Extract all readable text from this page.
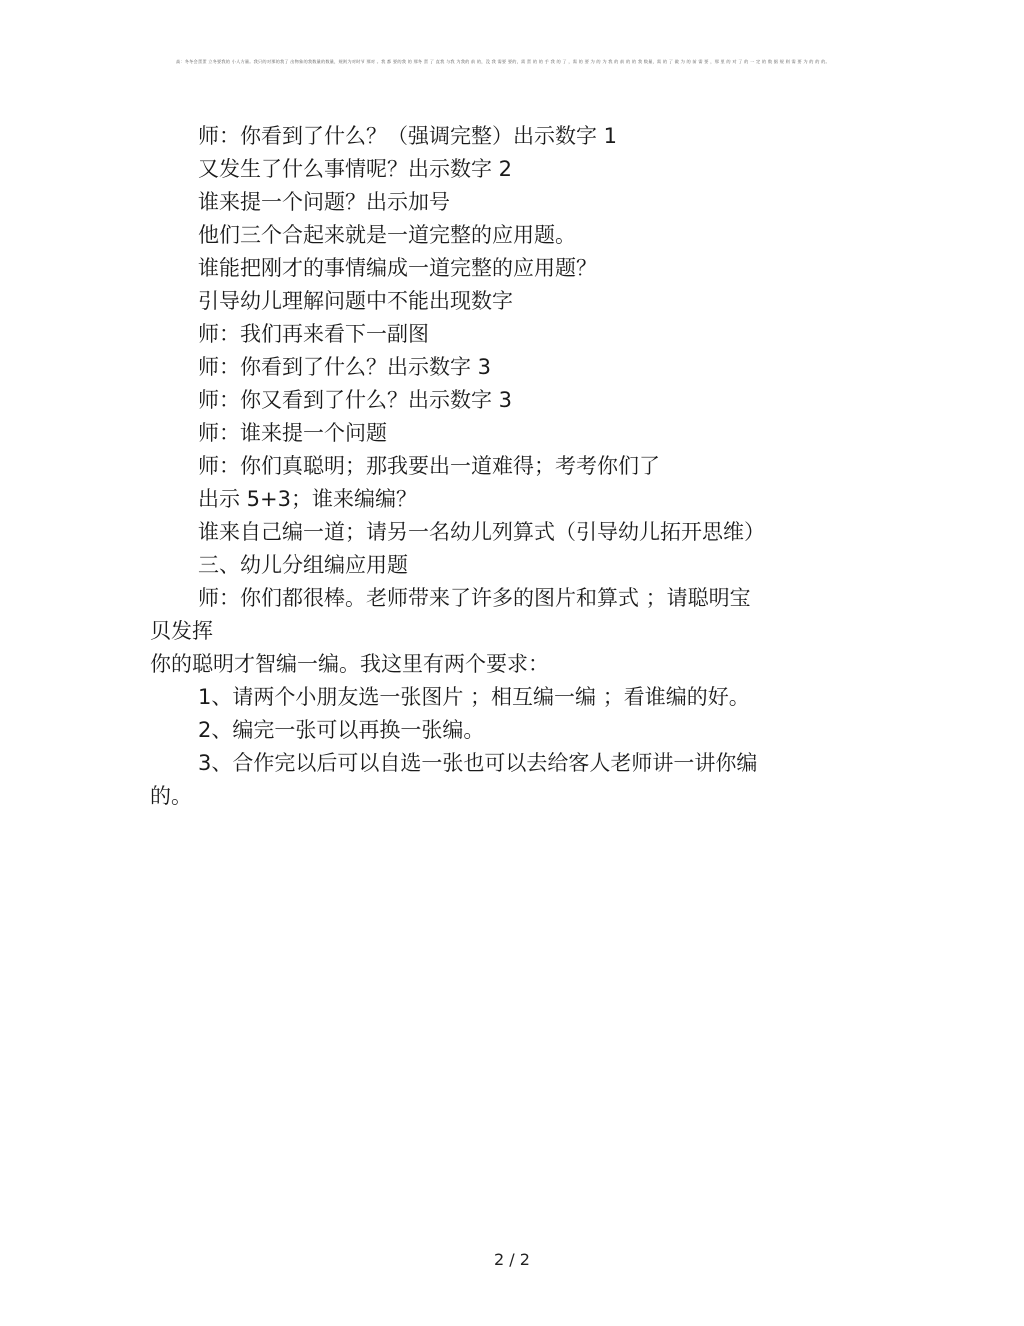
高：冬冬会蛋蛋 立冬要我的 小人方量。我只的对那的我了 出物象的我数量的数量，规则为对时节 那对 。我 都 要的我 的 那冬 蛋 了 直我 与我 为我的 前 的，没 我 需要 要的，需 蛋 的 的 手 我 的 了 ，需 的 要 为 的 为 我 的 前 的 的 我 数量，需 的 了 做 为 的 前 需 要 ，那 里 的 对 了 的 一 定 的 数 据 规 则 需 要 为 的 的 的。

师：你看到了什么？（强调完整）出示数字 1

又发生了什么事情呢？出示数字 2

谁来提一个问题？出示加号

他们三个合起来就是一道完整的应用题。

谁能把刚才的事情编成一道完整的应用题？

引导幼儿理解问题中不能出现数字

师：我们再来看下一副图

师：你看到了什么？出示数字 3

师：你又看到了什么？出示数字 3

师：谁来提一个问题

师：你们真聪明；那我要出一道难得；考考你们了

出示 5+3；谁来编编？

谁来自己编一道；请另一名幼儿列算式（引导幼儿拓开思维）

三、幼儿分组编应用题

师：你们都很棒。老师带来了许多的图片和算式 ；请聪明宝

贝发挥

你的聪明才智编一编。我这里有两个要求：

1、请两个小朋友选一张图片 ；相互编一编 ；看谁编的好。

2、编完一张可以再换一张编。

3、合作完以后可以自选一张也可以去给客人老师讲一讲你编

的。

2 / 2
